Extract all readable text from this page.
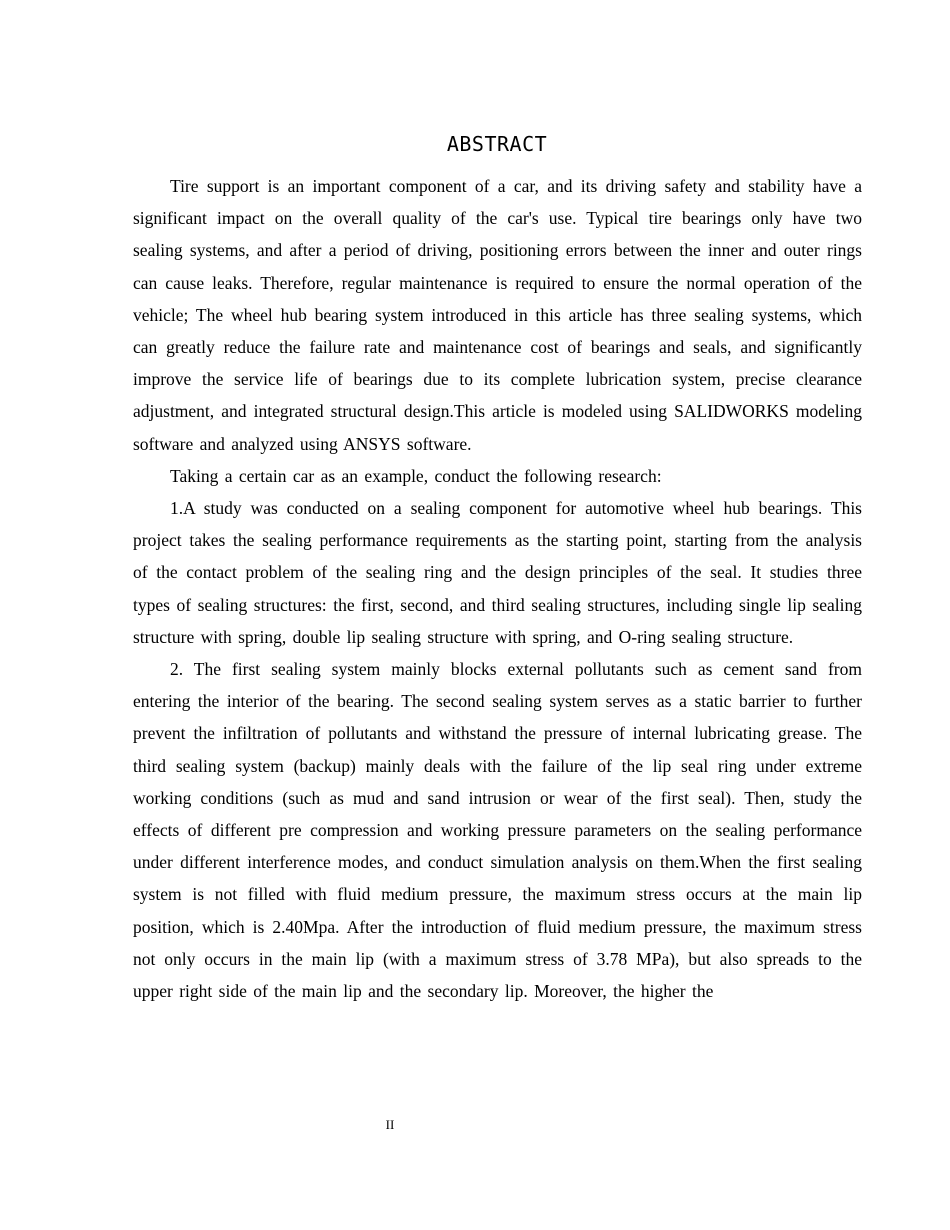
ABSTRACT

Tire support is an important component of a car, and its driving safety and stability have a significant impact on the overall quality of the car's use. Typical tire bearings only have two sealing systems, and after a period of driving, positioning errors between the inner and outer rings can cause leaks. Therefore, regular maintenance is required to ensure the normal operation of the vehicle; The wheel hub bearing system introduced in this article has three sealing systems, which can greatly reduce the failure rate and maintenance cost of bearings and seals, and significantly improve the service life of bearings due to its complete lubrication system, precise clearance adjustment, and integrated structural design.This article is modeled using SALIDWORKS modeling software and analyzed using ANSYS software.

Taking a certain car as an example, conduct the following research:

1.A study was conducted on a sealing component for automotive wheel hub bearings. This project takes the sealing performance requirements as the starting point, starting from the analysis of the contact problem of the sealing ring and the design principles of the seal. It studies three types of sealing structures: the first, second, and third sealing structures, including single lip sealing structure with spring, double lip sealing structure with spring, and O-ring sealing structure.

2. The first sealing system mainly blocks external pollutants such as cement sand from entering the interior of the bearing. The second sealing system serves as a static barrier to further prevent the infiltration of pollutants and withstand the pressure of internal lubricating grease. The third sealing system (backup) mainly deals with the failure of the lip seal ring under extreme working conditions (such as mud and sand intrusion or wear of the first seal). Then, study the effects of different pre compression and working pressure parameters on the sealing performance under different interference modes, and conduct simulation analysis on them.When the first sealing system is not filled with fluid medium pressure, the maximum stress occurs at the main lip position, which is 2.40Mpa. After the introduction of fluid medium pressure, the maximum stress not only occurs in the main lip (with a maximum stress of 3.78 MPa), but also spreads to the upper right side of the main lip and the secondary lip. Moreover, the higher the

II
